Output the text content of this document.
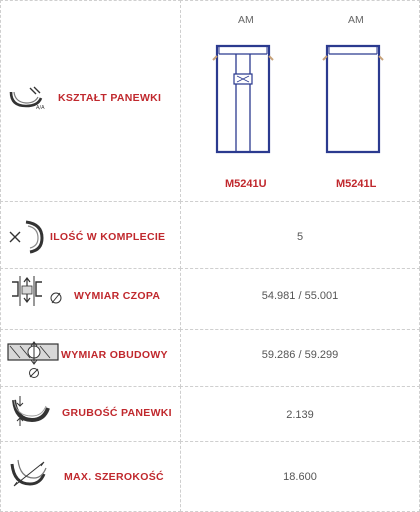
A/A
KSZTAŁT PANEWKI
AM	AM
M5241U	M5241L
ILOŚĆ W KOMPLECIE	5
WYMIAR CZOPA	54.981 / 55.001
WYMIAR OBUDOWY	59.286 / 59.299
GRUBOŚĆ PANEWKI	2.139
MAX. SZEROKOŚĆ	18.600
